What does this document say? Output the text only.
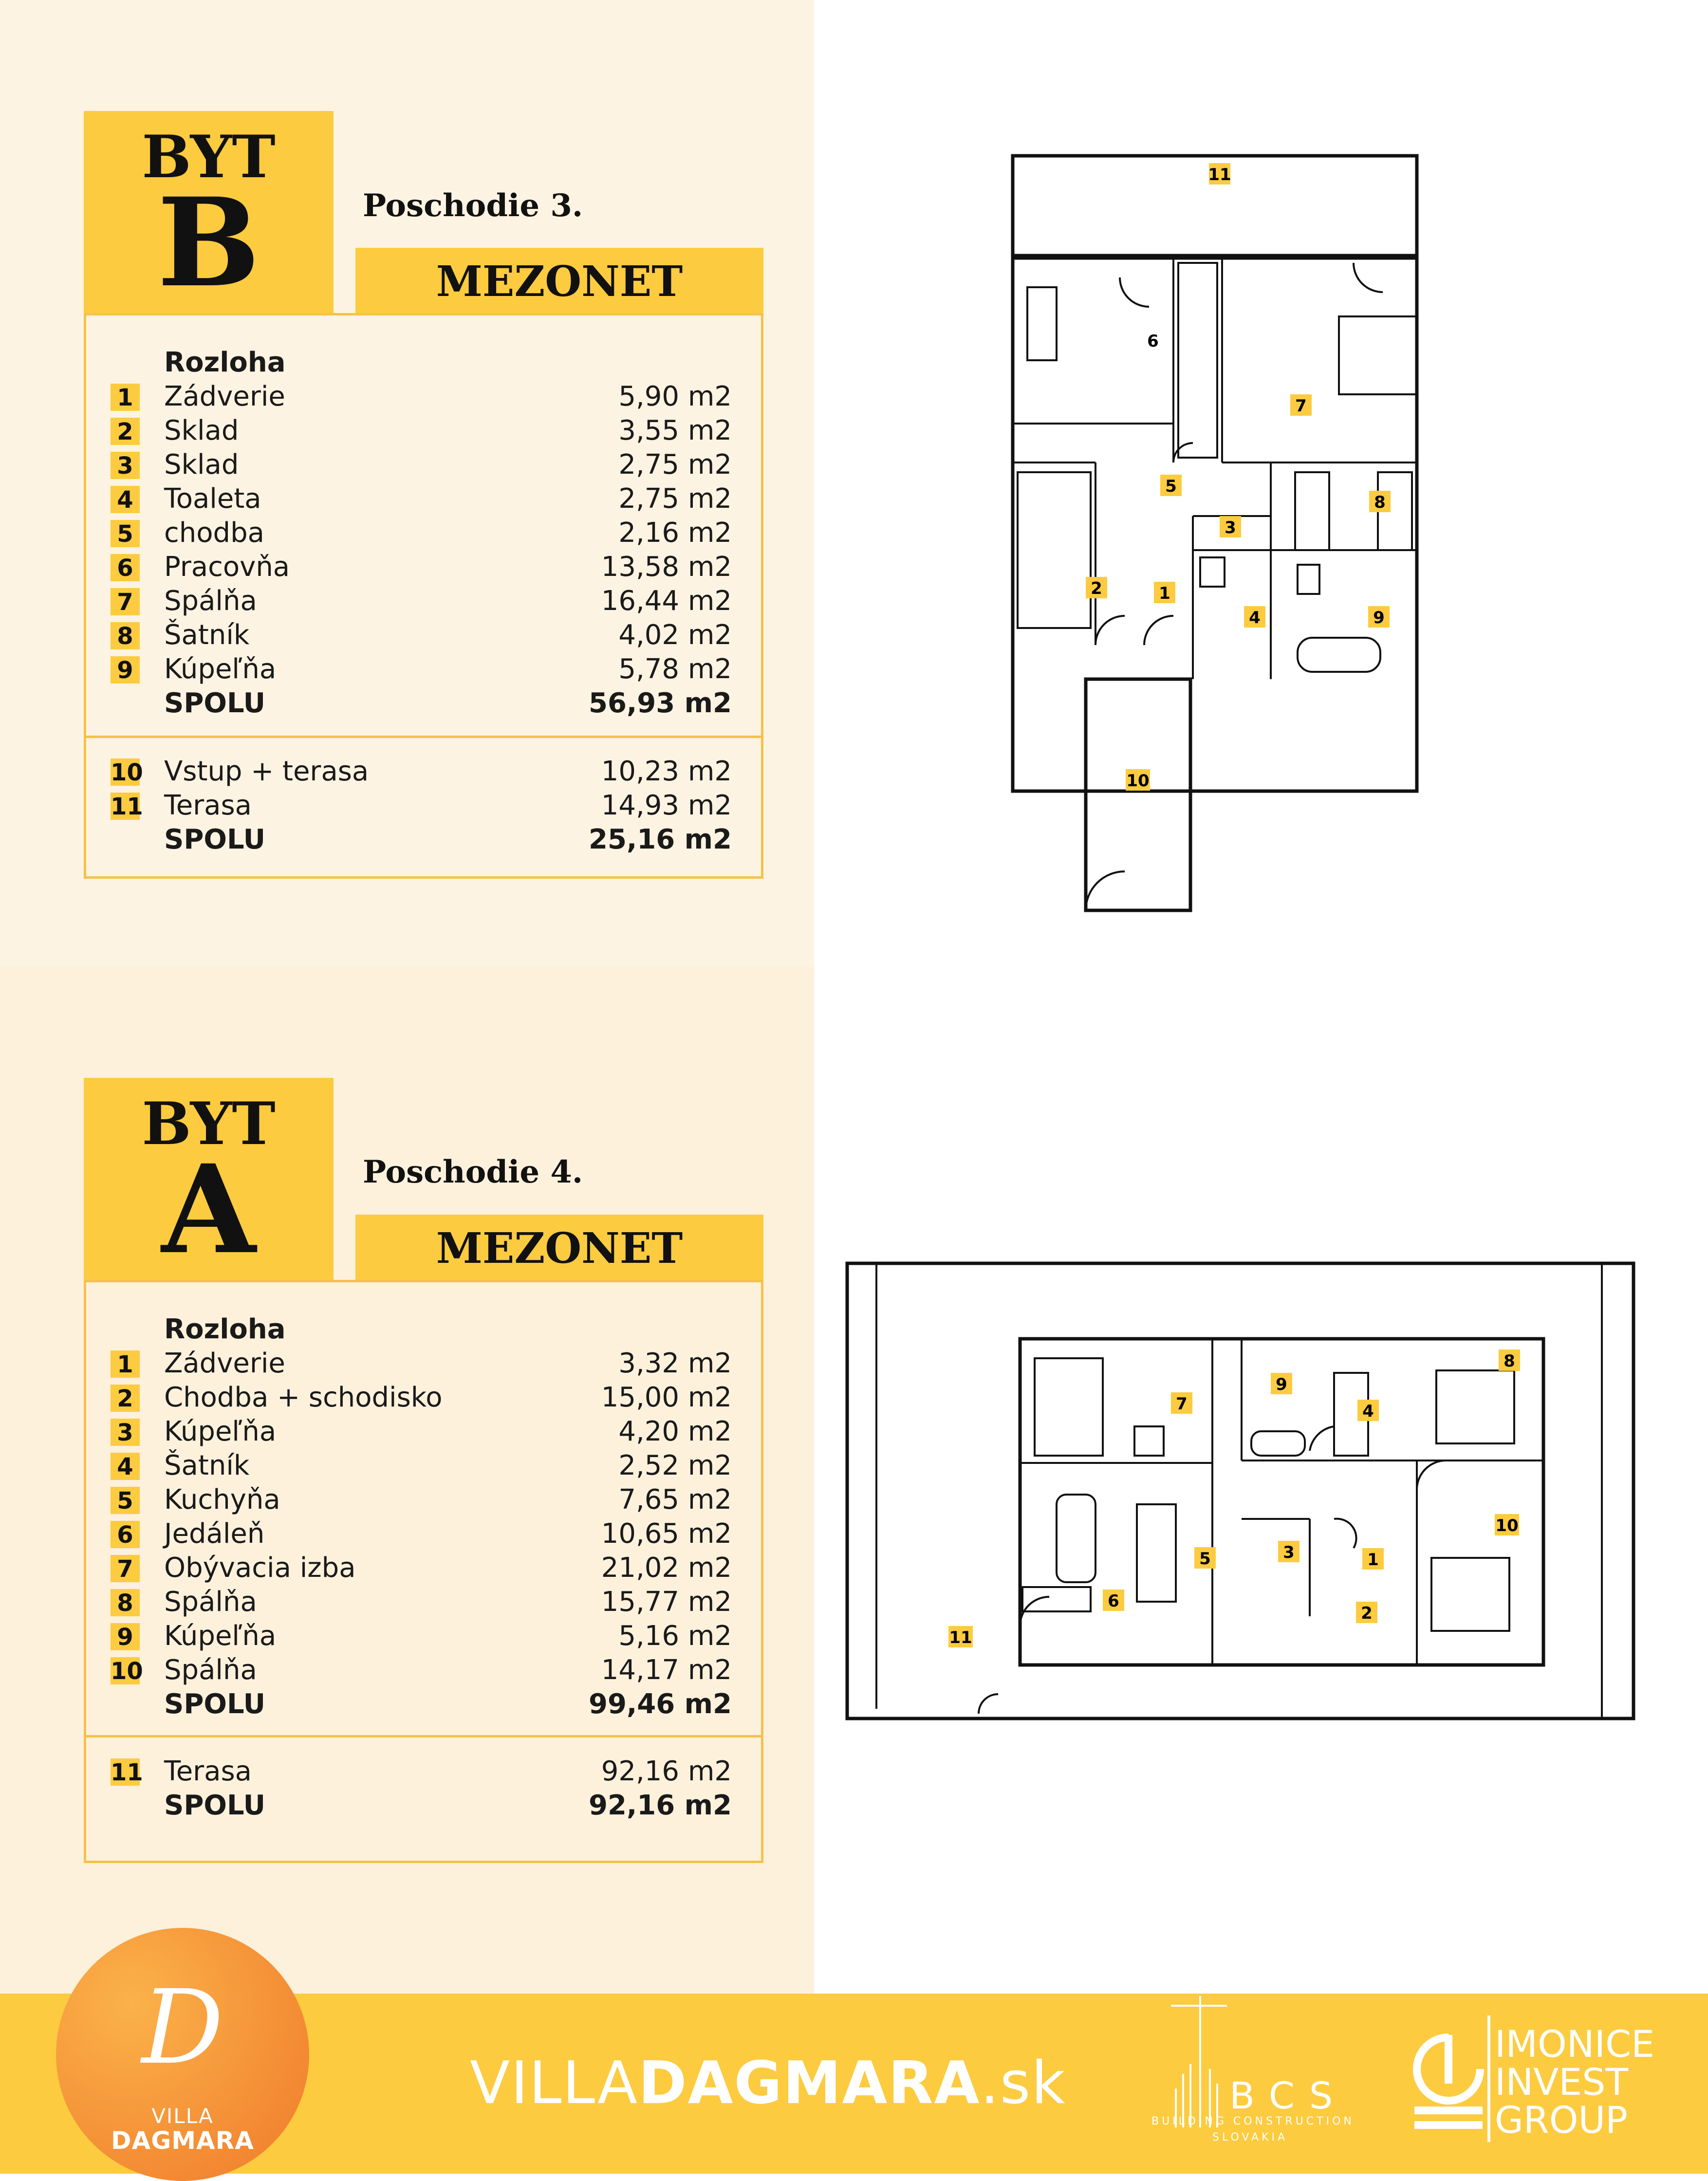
BYT
B	Poschodie 3.
MEZONET
Rozloha
1 Zádverie	5,90 m2
2 Sklad	3,55 m2
3 Sklad	2,75 m2
4 Toaleta	2,75 m2
5 chodba	2,16 m2
6 Pracovňa	13,58 m2
7 Spálňa	16,44 m2
8 Šatník	4,02 m2
9 Kúpeľňa	5,78 m2
SPOLU	56,93 m2
10 Vstup + terasa	10,23 m2
11 Terasa	14,93 m2
SPOLU	25,16 m2
BYT
A	Poschodie 4.
MEZONET
Rozloha
1 Zádverie	3,32 m2
2 Chodba + schodisko	15,00 m2
3 Kúpeľňa	4,20 m2
4 Šatník	2,52 m2
5 Kuchyňa	7,65 m2
6 Jedáleň	10,65 m2
7 Obývacia izba	21,02 m2
8 Spálňa	15,77 m2
9 Kúpeľňa	5,16 m2
10 Spálňa	14,17 m2
SPOLU	99,46 m2
11 Terasa	92,16 m2
SPOLU	92,16 m2
11
6
7
5
8
3
2	1
4	9
10
8
9
7	4
10
3
5	1
6
2
11
D
VILLA
DAGMARA
VILLADAGMARA.sk	BCS
BUILDING CONSTRUCTION
SLOVAKIA
IMONICE
INVEST
GROUP
